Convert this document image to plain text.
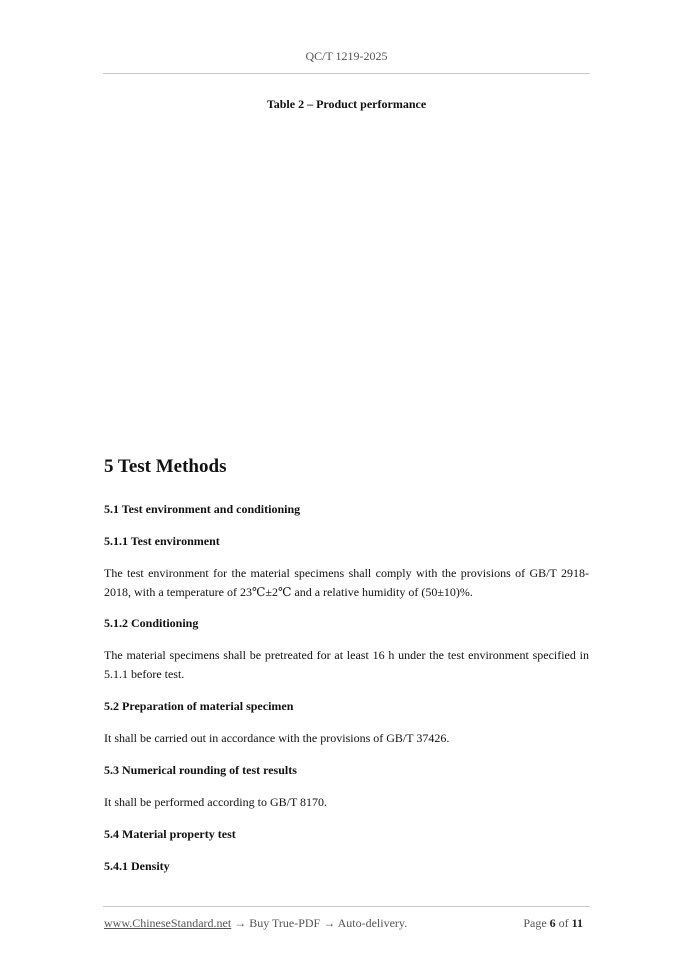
QC/T 1219-2025
Table 2 – Product performance
5 Test Methods
5.1 Test environment and conditioning
5.1.1 Test environment
The test environment for the material specimens shall comply with the provisions of GB/T 2918-2018, with a temperature of 23℃±2℃ and a relative humidity of (50±10)%.
5.1.2 Conditioning
The material specimens shall be pretreated for at least 16 h under the test environment specified in 5.1.1 before test.
5.2 Preparation of material specimen
It shall be carried out in accordance with the provisions of GB/T 37426.
5.3 Numerical rounding of test results
It shall be performed according to GB/T 8170.
5.4 Material property test
5.4.1 Density
www.ChineseStandard.net → Buy True-PDF → Auto-delivery.	Page 6 of 11
